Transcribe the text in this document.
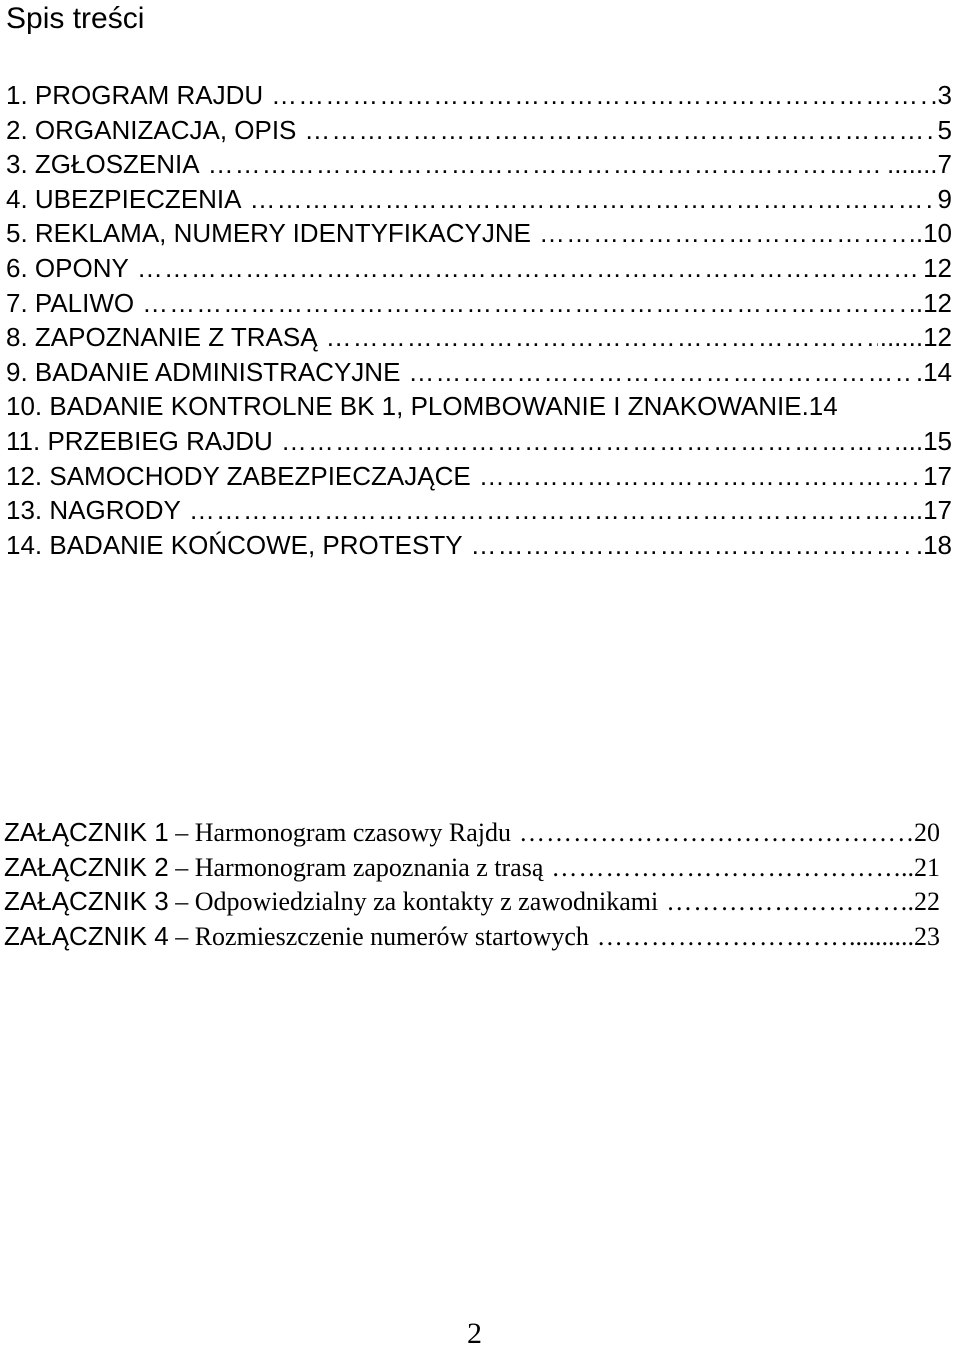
Spis treści
1. PROGRAM RAJDU ………………………………………………………………………………………………………………………………………………………………………………………………	.3
2. ORGANIZACJA, OPIS ………………………………………………………………………………………………………………………………………………………………………………………………	5
3. ZGŁOSZENIA ………………………………………………………………………………………………………………………………………………………………………………………………	.......7
4. UBEZPIECZENIA ………………………………………………………………………………………………………………………………………………………………………………………………	9
5. REKLAMA, NUMERY IDENTYFIKACYJNE ………………………………………………………………………………………………………………………………………………………………………………………………	..10
6. OPONY ………………………………………………………………………………………………………………………………………………………………………………………………	12
7. PALIWO ………………………………………………………………………………………………………………………………………………………………………………………………	..12
8. ZAPOZNANIE Z TRASĄ ………………………………………………………………………………………………………………………………………………………………………………………………	......12
9. BADANIE ADMINISTRACYJNE ………………………………………………………………………………………………………………………………………………………………………………………………	.14
10. BADANIE KONTROLNE BK 1, PLOMBOWANIE I ZNAKOWANIE .14
11. PRZEBIEG RAJDU ………………………………………………………………………………………………………………………………………………………………………………………………	....15
12. SAMOCHODY ZABEZPIECZAJĄCE ………………………………………………………………………………………………………………………………………………………………………………………………	17
13. NAGRODY ………………………………………………………………………………………………………………………………………………………………………………………………	...17
14. BADANIE KOŃCOWE, PROTESTY ………………………………………………………………………………………………………………………………………………………………………………………………	.18
ZAŁĄCZNIK 1 – Harmonogram czasowy Rajdu ………………………………………………………………………………………………………………………………………………………………………………………………	20
ZAŁĄCZNIK 2 – Harmonogram zapoznania z trasą ………………………………………………………………………………………………………………………………………………………………………………………………	..21
ZAŁĄCZNIK 3 – Odpowiedzialny za kontakty z zawodnikami ………………………………………………………………………………………………………………………………………………………………………………………………	.22
ZAŁĄCZNIK 4 – Rozmieszczenie numerów startowych ………………………………………………………………………………………………………………………………………………………………………………………………	..........23
2
